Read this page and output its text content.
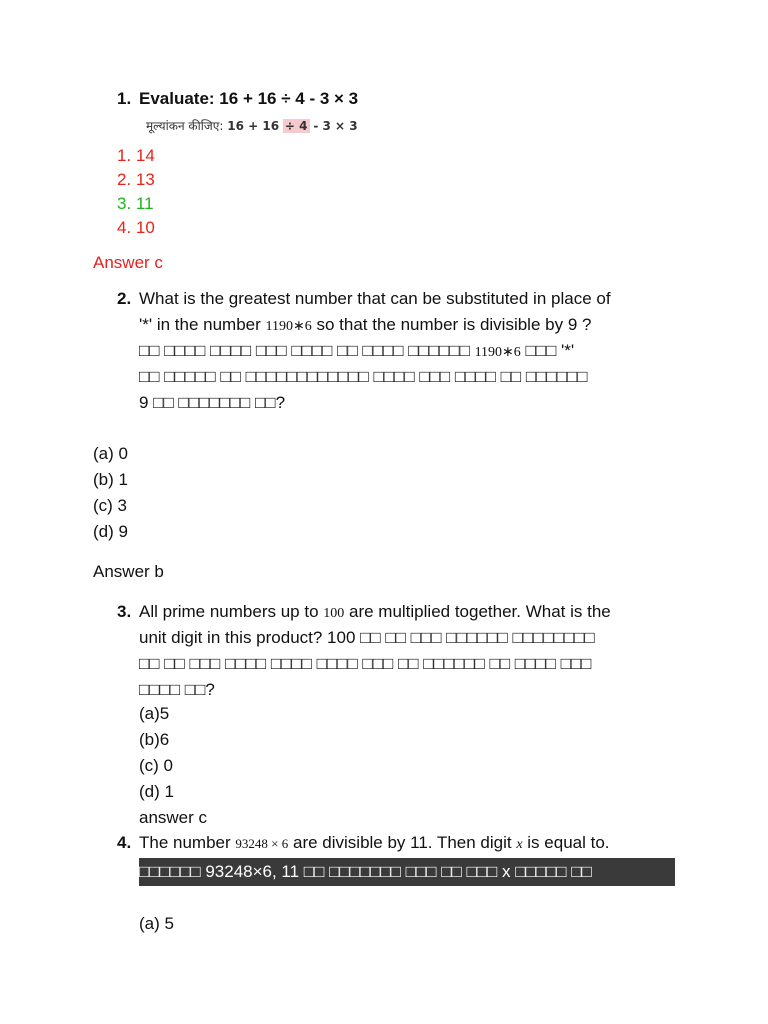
1. Evaluate: 16 + 16 ÷ 4 - 3 × 3
मूल्यांकन कीजिए: 16 + 16 ÷ 4 - 3 × 3
1. 14
2. 13
3. 11
4. 10
Answer c
2. What is the greatest number that can be substituted in place of
'*' in the number 1190∗6 so that the number is divisible by 9 ?
□□ □□□□ □□□□ □□□ □□□□ □□ □□□□ □□□□□□ 1190∗6 □□□ '*'
□□ □□□□□ □□ □□□□□□□□□□□□ □□□□ □□□ □□□□ □□ □□□□□□
9 □□ □□□□□□□ □□?
(a) 0
(b) 1
(c) 3
(d) 9
Answer b
3. All prime numbers up to 100 are multiplied together. What is the
unit digit in this product? 100 □□ □□ □□□ □□□□□□ □□□□□□□□
□□ □□ □□□ □□□□ □□□□ □□□□ □□□ □□ □□□□□□ □□ □□□□ □□□
□□□□ □□?
(a)5
(b)6
(c) 0
(d) 1
answer c
4. The number 93248 × 6 are divisible by 11. Then digit x is equal to.
□□□□□□ 93248×6, 11 □□ □□□□□□□ □□□ □□ □□□ x □□□□□ □□
(a) 5
